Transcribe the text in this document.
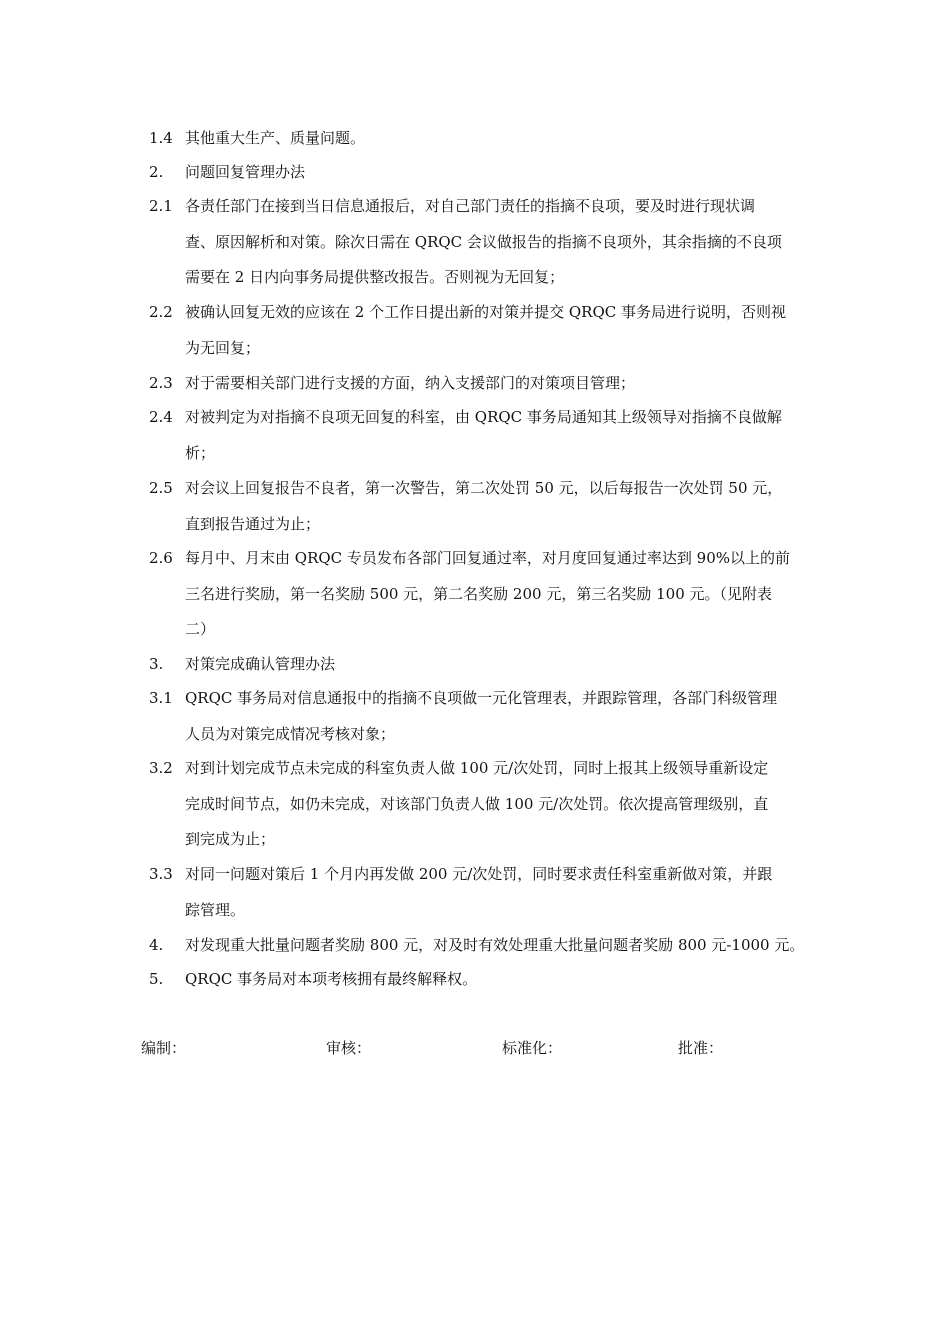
1.4 其他重大生产、质量问题。
2. 问题回复管理办法
2.1 各责任部门在接到当日信息通报后，对自己部门责任的指摘不良项，要及时进行现状调
查、原因解析和对策。除次日需在 QRQC 会议做报告的指摘不良项外，其余指摘的不良项
需要在 2 日内向事务局提供整改报告。否则视为无回复；
2.2 被确认回复无效的应该在 2 个工作日提出新的对策并提交 QRQC 事务局进行说明，否则视
为无回复；
2.3 对于需要相关部门进行支援的方面，纳入支援部门的对策项目管理；
2.4 对被判定为对指摘不良项无回复的科室，由 QRQC 事务局通知其上级领导对指摘不良做解
析；
2.5 对会议上回复报告不良者，第一次警告，第二次处罚 50 元，以后每报告一次处罚 50 元，
直到报告通过为止；
2.6 每月中、月末由 QRQC 专员发布各部门回复通过率，对月度回复通过率达到 90%以上的前
三名进行奖励，第一名奖励 500 元，第二名奖励 200 元，第三名奖励 100 元。（见附表
二）
3. 对策完成确认管理办法
3.1 QRQC 事务局对信息通报中的指摘不良项做一元化管理表，并跟踪管理，各部门科级管理
人员为对策完成情况考核对象；
3.2 对到计划完成节点未完成的科室负责人做 100 元/次处罚，同时上报其上级领导重新设定
完成时间节点，如仍未完成，对该部门负责人做 100 元/次处罚。依次提高管理级别，直
到完成为止；
3.3 对同一问题对策后 1 个月内再发做 200 元/次处罚，同时要求责任科室重新做对策，并跟
踪管理。
4. 对发现重大批量问题者奖励 800 元，对及时有效处理重大批量问题者奖励 800 元-1000 元。
5. QRQC 事务局对本项考核拥有最终解释权。
编制：	审核：	标准化：	批准：
